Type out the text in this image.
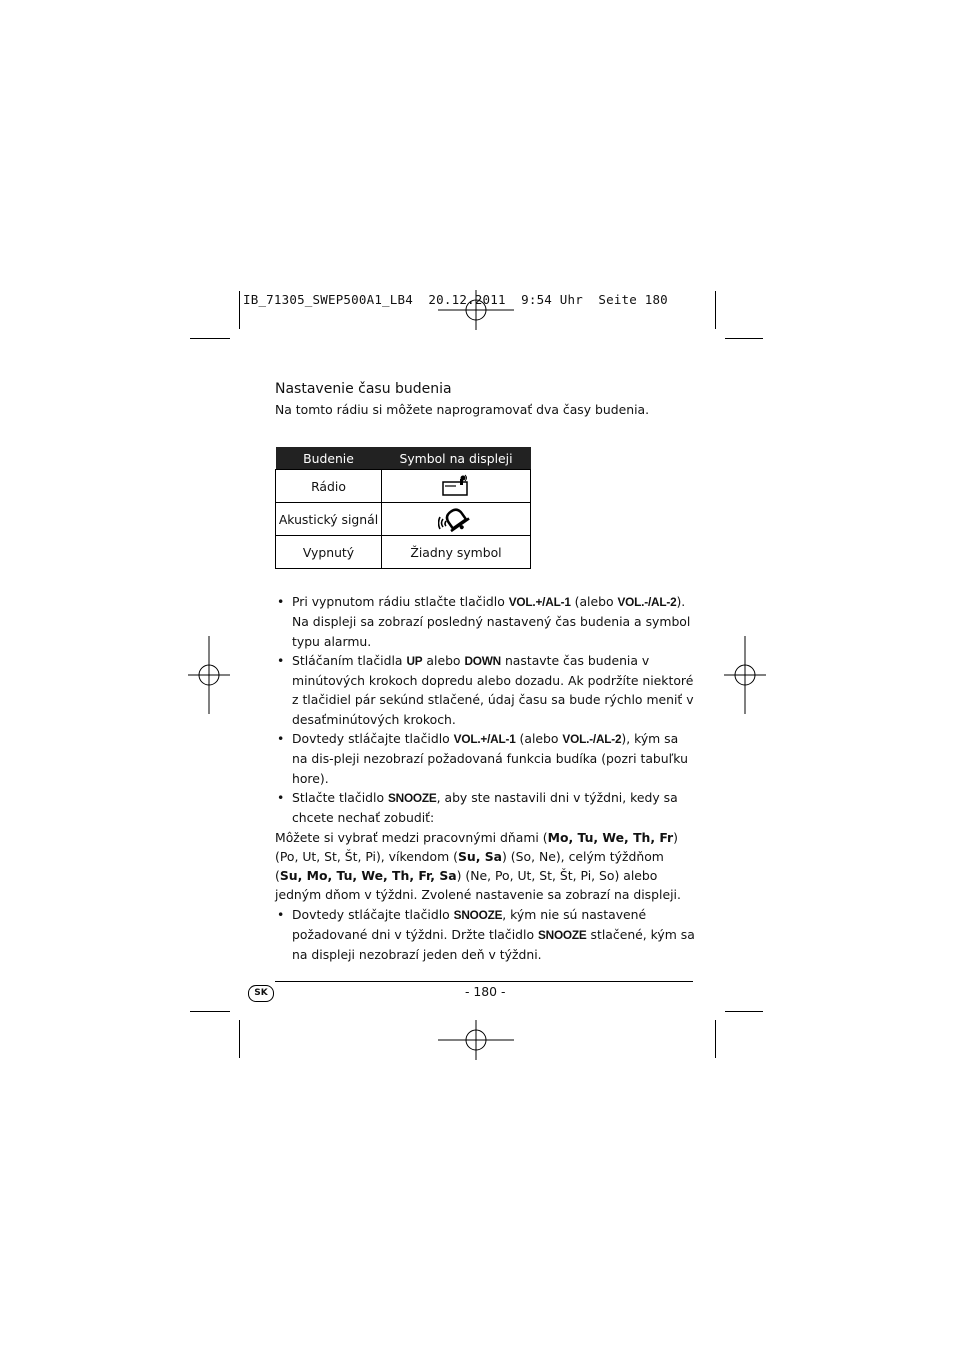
IB_71305_SWEP500A1_LB4  20.12.2011  9:54 Uhr  Seite 180
Nastavenie času budenia
Na tomto rádiu si môžete naprogramovať dva časy budenia.
Budenie	Symbol na displeji
Rádio	
Akustický signál	
Vypnutý	Žiadny symbol
• Pri vypnutom rádiu stlačte tlačidlo VOL.+/AL-1 (alebo VOL.-/AL-2). Na displeji sa zobrazí posledný nastavený čas budenia a symbol typu alarmu.
• Stláčaním tlačidla UP alebo DOWN nastavte čas budenia v minútových krokoch dopredu alebo dozadu. Ak podržíte niektoré z tlačidiel pár sekúnd stlačené, údaj času sa bude rýchlo meniť v desaťminútových krokoch.
• Dovtedy stláčajte tlačidlo VOL.+/AL-1 (alebo VOL.-/AL-2), kým sa na dis-pleji nezobrazí požadovaná funkcia budíka (pozri tabuľku hore).
• Stlačte tlačidlo SNOOZE, aby ste nastavili dni v týždni, kedy sa chcete nechať zobudiť:

Môžete si vybrať medzi pracovnými dňami (Mo, Tu, We, Th, Fr) (Po, Ut, St, Št, Pi), víkendom (Su, Sa) (So, Ne), celým týždňom (Su, Mo, Tu, We, Th, Fr, Sa) (Ne, Po, Ut, St, Št, Pi, So) alebo jedným dňom v týždni. Zvolené nastavenie sa zobrazí na displeji.

• Dovtedy stláčajte tlačidlo SNOOZE, kým nie sú nastavené požadované dni v týždni. Držte tlačidlo SNOOZE stlačené, kým sa na displeji nezobrazí jeden deň v týždni.
SK	- 180 -
